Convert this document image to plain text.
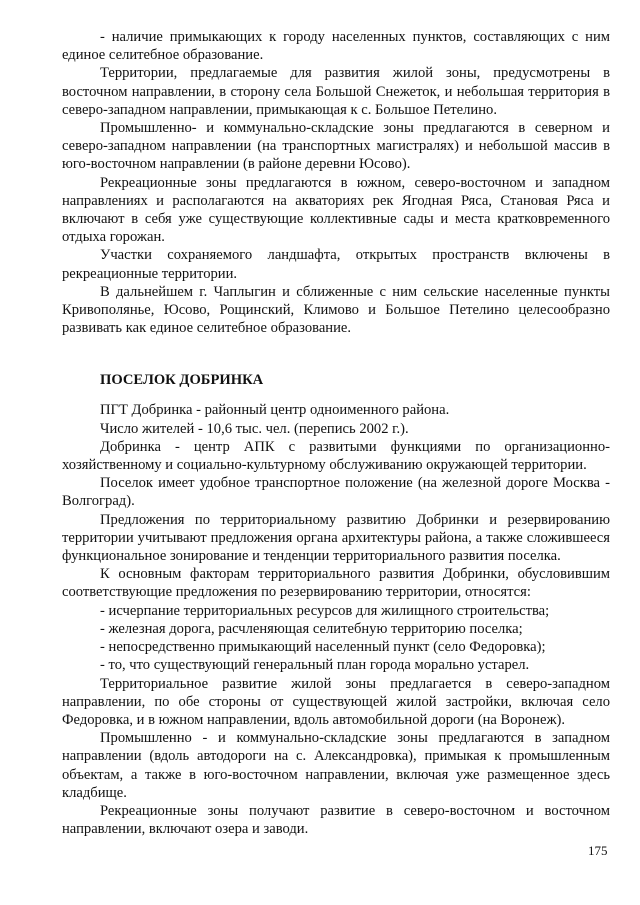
- наличие примыкающих к городу населенных пунктов, составляющих с ним единое селитебное образование.

Территории, предлагаемые для развития жилой зоны, предусмотрены в восточном направлении, в сторону села Большой Снежеток, и небольшая территория в северо-западном направлении, примыкающая к с. Большое Петелино.

Промышленно- и коммунально-складские зоны предлагаются в северном и северо-западном направлении (на транспортных магистралях) и небольшой массив в юго-восточном направлении (в районе деревни Юсово).

Рекреационные зоны предлагаются в южном, северо-восточном и западном направлениях и располагаются на акваториях рек Ягодная Ряса, Становая Ряса и включают в себя уже существующие коллективные сады и места кратковременного отдыха горожан.

Участки сохраняемого ландшафта, открытых пространств включены в рекреационные территории.

В дальнейшем г. Чаплыгин и сближенные с ним сельские населенные пункты Кривополянье, Юсово, Рощинский, Климово и Большое Петелино целесообразно развивать как единое селитебное образование.

ПОСЕЛОК ДОБРИНКА

ПГТ Добринка - районный центр одноименного района.

Число жителей - 10,6 тыс. чел. (перепись 2002 г.).

Добринка - центр АПК с развитыми функциями по организационно-хозяйственному и социально-культурному обслуживанию окружающей территории.

Поселок имеет удобное транспортное положение (на железной дороге Москва - Волгоград).

Предложения по территориальному развитию Добринки и резервированию территории учитывают предложения органа архитектуры района, а также сложившееся функциональное зонирование и тенденции территориального развития поселка.

К основным факторам территориального развития Добринки, обусловившим соответствующие предложения по резервированию территории, относятся:

- исчерпание территориальных ресурсов для жилищного строительства;

- железная дорога, расчленяющая селитебную территорию поселка;

- непосредственно примыкающий населенный пункт (село Федоровка);

- то, что существующий генеральный план города морально устарел.

Территориальное развитие жилой зоны предлагается в северо-западном направлении, по обе стороны от существующей жилой застройки, включая село Федоровка, и в южном направлении, вдоль автомобильной дороги (на Воронеж).

Промышленно - и коммунально-складские зоны предлагаются в западном направлении (вдоль автодороги на с. Александровка), примыкая к промышленным объектам, а также в юго-восточном направлении, включая уже размещенное здесь кладбище.

Рекреационные зоны получают развитие в северо-восточном и восточном направлении, включают озера и заводи.

175
